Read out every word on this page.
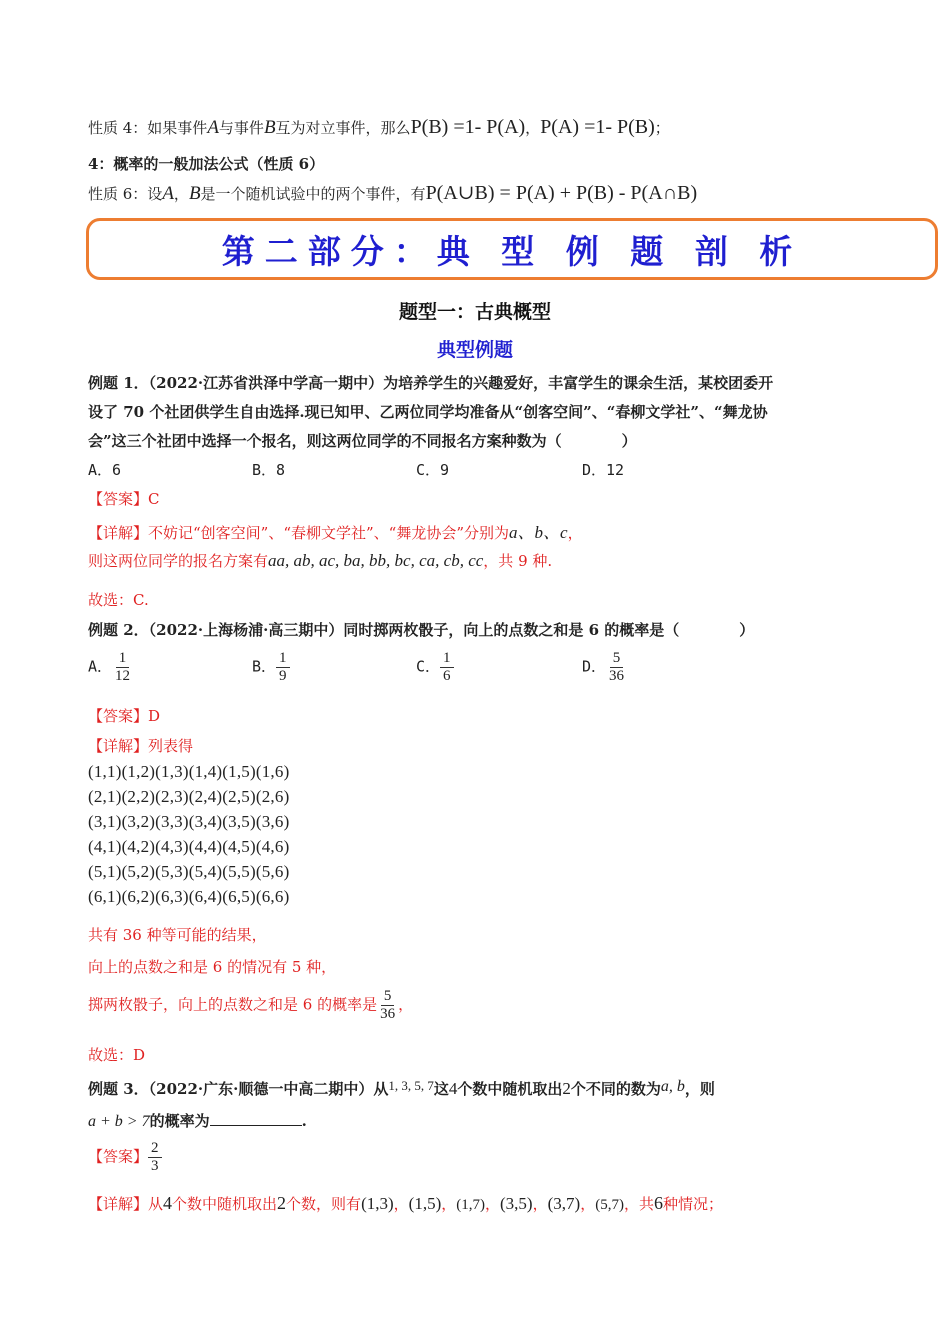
性质 4：如果事件A与事件B互为对立事件，那么P(B) =1- P(A)，P(A) =1- P(B)；
4：概率的一般加法公式（性质 6）
性质 6：设A，B是一个随机试验中的两个事件，有P(A∪B) = P(A) + P(B) - P(A∩B)
第二部分：典 型 例 题 剖 析
题型一：古典概型
典型例题
例题 1．（2022·江苏省洪泽中学高一期中）为培养学生的兴趣爱好，丰富学生的课余生活，某校团委开
设了 70 个社团供学生自由选择.现已知甲、乙两位同学均准备从“创客空间”、“春柳文学社”、“舞龙协
会”这三个社团中选择一个报名，则这两位同学的不同报名方案种数为（　　　　）
A．6	B．8	C．9	D．12
【答案】C
【详解】不妨记“创客空间”、“春柳文学社”、“舞龙协会”分别为a、b、c，
则这两位同学的报名方案有aa, ab, ac, ba, bb, bc, ca, cb, cc，共 9 种.
故选：C.
例题 2．（2022·上海杨浦·高三期中）同时掷两枚骰子，向上的点数之和是 6 的概率是（　　　　）
A． $\frac{1}{12}$	B． $\frac{1}{9}$	C． $\frac{1}{6}$	D． $\frac{5}{36}$
【答案】D
【详解】列表得
(1,1)(1,2)(1,3)(1,4)(1,5)(1,6)
(2,1)(2,2)(2,3)(2,4)(2,5)(2,6)
(3,1)(3,2)(3,3)(3,4)(3,5)(3,6)
(4,1)(4,2)(4,3)(4,4)(4,5)(4,6)
(5,1)(5,2)(5,3)(5,4)(5,5)(5,6)
(6,1)(6,2)(6,3)(6,4)(6,5)(6,6)
共有 36 种等可能的结果，
向上的点数之和是 6 的情况有 5 种，
掷两枚骰子，向上的点数之和是 6 的概率是 $\frac{5}{36}$ ，
故选：D
例题 3．（2022·广东·顺德一中高二期中）从1, 3, 5, 7这4个数中随机取出2个不同的数为a, b，则
a + b > 7的概率为	.
【答案】 $\frac{2}{3}$
【详解】从4个数中随机取出2个数，则有(1,3)，(1,5)，(1,7)，(3,5)，(3,7)，(5,7)，共6种情况；
